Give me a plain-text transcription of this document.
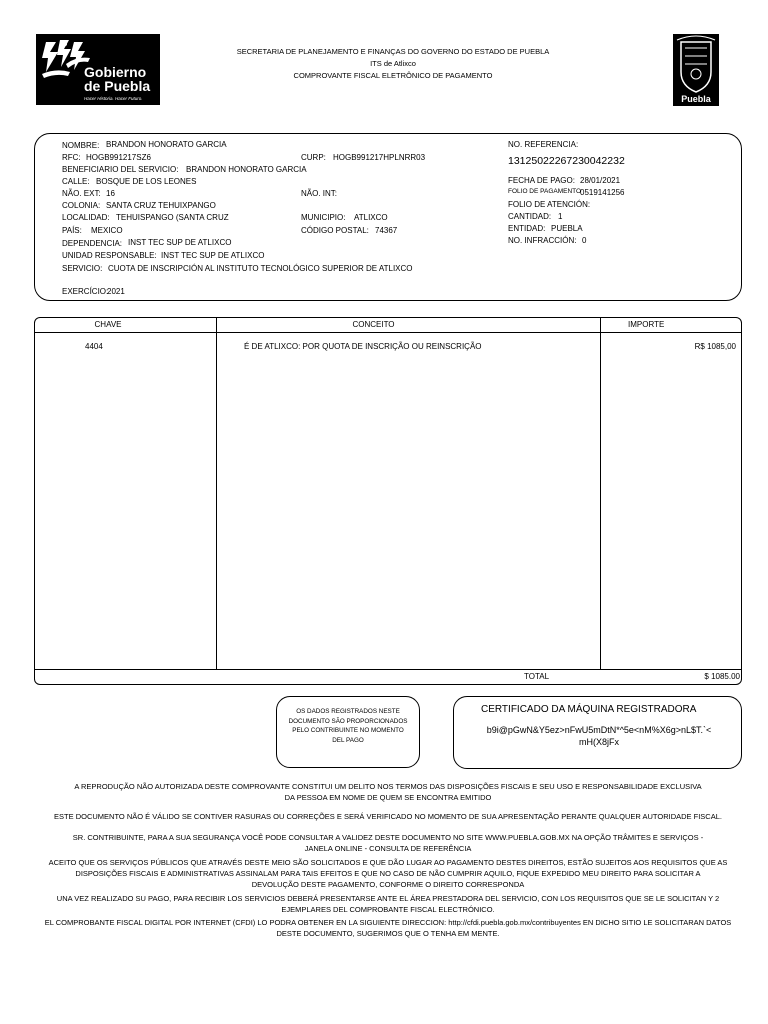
Gobierno
de Puebla
Hacer Historia. Hacer Futuro.
SECRETARIA DE PLANEJAMENTO E FINANÇAS DO GOVERNO DO ESTADO DE PUEBLA
ITS de Atlixco
COMPROVANTE FISCAL ELETRÔNICO DE PAGAMENTO
Puebla
NOMBRE: BRANDON HONORATO GARCIA
RFC: HOGB991217SZ6	CURP: HOGB991217HPLNRR03
BENEFICIARIO DEL SERVICIO: BRANDON HONORATO GARCIA
CALLE: BOSQUE DE LOS LEONES
NÃO. EXT: 16	NÃO. INT:
COLONIA: SANTA CRUZ TEHUIXPANGO
LOCALIDAD: TEHUISPANGO (SANTA CRUZ	MUNICIPIO: ATLIXCO
PAÍS: MEXICO	CÓDIGO POSTAL: 74367
DEPENDENCIA: INST TEC SUP DE ATLIXCO
UNIDAD RESPONSABLE: INST TEC SUP DE ATLIXCO
SERVICIO: CUOTA DE INSCRIPCIÓN AL INSTITUTO TECNOLÓGICO SUPERIOR DE ATLIXCO
EXERCÍCIO:
2021
NO. REFERENCIA:
13125022267230042232
FECHA DE PAGO: 28/01/2021
FOLIO DE PAGAMENTO
0519141256
FOLIO DE ATENCIÓN:
CANTIDAD: 1
ENTIDAD: PUEBLA
NO. INFRACCIÓN: 0
CHAVE	CONCEITO	IMPORTE
4404	É DE ATLIXCO: POR QUOTA DE INSCRIÇÃO OU REINSCRIÇÃO	R$ 1085,00
TOTAL	$ 1085.00
OS DADOS REGISTRADOS NESTE
DOCUMENTO SÃO PROPORCIONADOS
PELO CONTRIBUINTE NO MOMENTO
DEL PAGO
CERTIFICADO DA MÁQUINA REGISTRADORA
b9i@pGwN&Y5ez>nFwU5mDtN*^5e<nM%X6g>nL$T.`<
mH(X8jFx
A REPRODUÇÃO NÃO AUTORIZADA DESTE COMPROVANTE CONSTITUI UM DELITO NOS TERMOS DAS DISPOSIÇÕES FISCAIS E SEU USO E RESPONSABILIDADE EXCLUSIVA
DA PESSOA EM NOME DE QUEM SE ENCONTRA EMITIDO
ESTE DOCUMENTO NÃO É VÁLIDO SE CONTIVER RASURAS OU CORREÇÕES E SERÁ VERIFICADO NO MOMENTO DE SUA APRESENTAÇÃO PERANTE QUALQUER AUTORIDADE FISCAL.
SR. CONTRIBUINTE, PARA A SUA SEGURANÇA VOCÊ PODE CONSULTAR A VALIDEZ DESTE DOCUMENTO NO SITE WWW.PUEBLA.GOB.MX NA OPÇÃO TRÂMITES E SERVIÇOS -
JANELA ONLINE - CONSULTA DE REFERÊNCIA
ACEITO QUE OS SERVIÇOS PÚBLICOS QUE ATRAVÉS DESTE MEIO SÃO SOLICITADOS E QUE DÃO LUGAR AO PAGAMENTO DESTES DIREITOS, ESTÃO SUJEITOS AOS REQUISITOS QUE AS
DISPOSIÇÕES FISCAIS E ADMINISTRATIVAS ASSINALAM PARA TAIS EFEITOS E QUE NO CASO DE NÃO CUMPRIR AQUILO, FIQUE EXPEDIDO MEU DIREITO PARA SOLICITAR A
DEVOLUÇÃO DESTE PAGAMENTO, CONFORME O DIREITO CORRESPONDA
UNA VEZ REALIZADO SU PAGO, PARA RECIBIR LOS SERVICIOS DEBERÁ PRESENTARSE ANTE EL ÁREA PRESTADORA DEL SERVICIO, CON LOS REQUISITOS QUE SE LE SOLICITAN Y 2
EJEMPLARES DEL COMPROBANTE FISCAL ELECTRÓNICO.
EL COMPROBANTE FISCAL DIGITAL POR INTERNET (CFDI) LO PODRA OBTENER EN LA SIGUIENTE DIRECCION: http://cfdi.puebla.gob.mx/contribuyentes EN DICHO SITIO LE SOLICITARAN DATOS
DESTE DOCUMENTO, SUGERIMOS QUE O TENHA EM MENTE.
